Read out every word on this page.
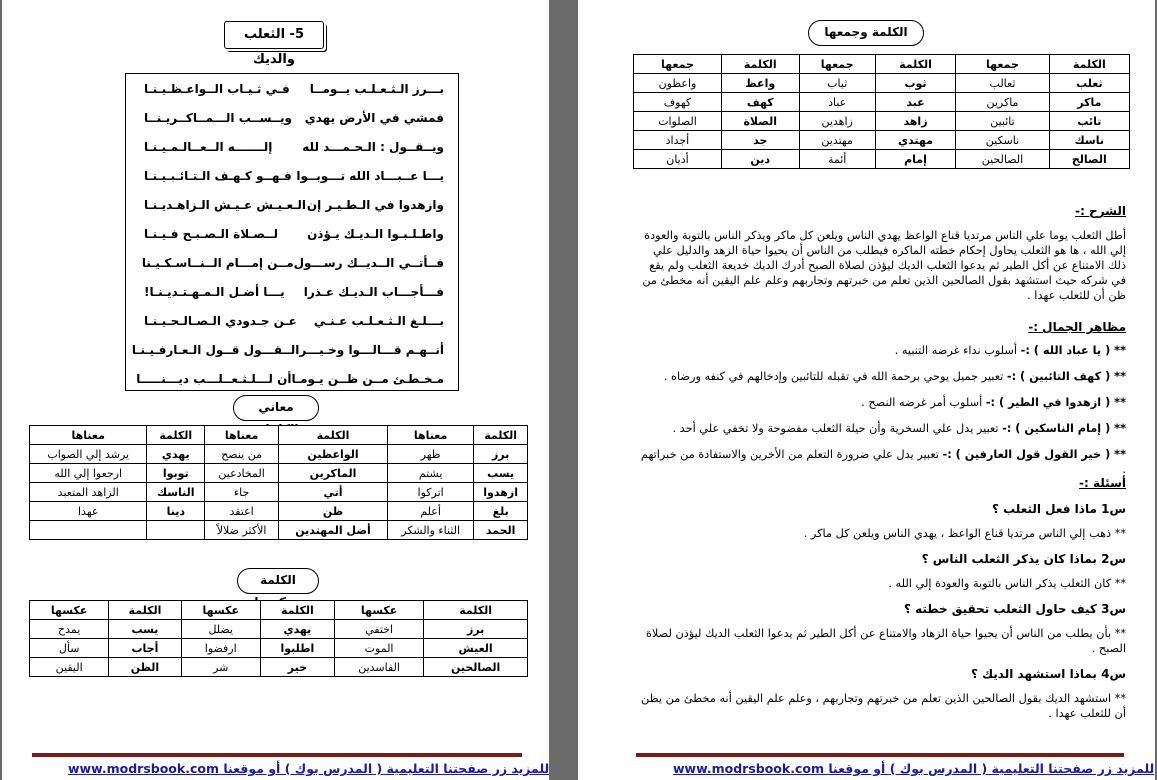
5- الثعلب والديك
بـــرز الـثـعـلـب يــومــا
فـي ثـيـاب الــواعـظـيـنـا
فمشي في الأرض يهدي
ويــســب الـــمــاكــريـنــا
ويــقــول : الـحـمـــد لله
إلـــــــه الــعــالـمـيـنـا
يـــا عــبـــاد الله تـــوبــوا
فـهــو كـهـف الـتـائـبـيـنـا
وازهدوا في الـطـيـر إن
الـعـيـش عـيـش الـزاهـديـنـا
واطـلـبـوا الـديـك يـؤذن
لــصـلاة الـصـبـح فـيـنـا
فــأتــي الــديــك رســـول
مــن إمـــام الــنــاسـكـيـنا
فـــأجـــاب الـديـك عـذرا
يـــا أضـل الـمـهـتـديـنـا!
بـــلـغ الـثـعـلـب عـنـي
عـن جـدودي الـصـالـحـيـنـا
أنــهـم قـــالـــوا وخـيـــر
الــقـــول قــول الـعـارفـيـنـا
مـخـطـئ مــن ظــن يـومـا
أن لـــلـثـعــلـــب ديـــنـــــا
معاني
الكلمة	معناها	الكلمة	معناها	الكلمة	معناها
برز	ظهر	الواعظين	من ينصح	يهدي	يرشد إلي الصواب
يسب	يشتم	الماكرين	المخادعين	توبوا	ارجعوا إلي الله
ازهدوا	اتركوا	أتي	جاء	الناسك	الزاهد المتعبد
بلغ	أعلم	ظن	اعتقد	دينا	عهدا
الحمد	الثناء والشكر	أضل المهتدين	الأكثر ضلالاً		
الكلمة
الكلمة	عكسها	الكلمة	عكسها	الكلمة	عكسها
برز	اختفي	يهدي	يضلل	يسب	يمدح
العيش	الموت	اطلبوا	ارفضوا	أجاب	سأل
الصالحين	الفاسدين	خير	شر	الظن	اليقين
للمزيد زر صفحتنا التعليمية ( المدرس بوك ) أو موقعنا www.modrsbook.com
الكلمة وجمعها
الكلمة	جمعها	الكلمة	جمعها	الكلمة	جمعها
ثعلب	ثعالب	ثوب	ثياب	واعظ	واعظون
ماكر	ماكرين	عبد	عباد	كهف	كهوف
تائب	تائبين	زاهد	زاهدين	الصلاة	الصلوات
ناسك	ناسكين	مهتدي	مهتدين	جد	أجداد
الصالح	الصالحين	إمام	أئمة	دين	أديان
الشرح :-
أطل الثعلب يوما علي الناس مرتديا قناع الواعظ يهدي الناس ويلعن كل ماكر ويذكر الناس بالتوبة والعودة إلي الله ، ها هو الثعلب يحاول إحكام خطته الماكره فيطلب من الناس أن يحيوا حياة الزهد والدليل علي ذلك الامتناع عن أكل الطير ثم يدعوا الثعلب الديك ليؤذن لصلاة الصبح أدرك الديك خديعة الثعلب ولم يقع في شركه حيث استشهد بقول الصالحين الذين تعلم من خبرتهم وتجاربهم وعلم علم اليقين أنه مخطئ من ظن أن للثعلب عهدا .
مظاهر الجمال :-
** ( يا عباد الله ) :- أسلوب نداء غرضه التنبيه .
** ( كهف التائبين ) :- تعبير جميل يوحي برحمة الله في تقبله للتائبين وإدخالهم في كنفه ورضاه .
** ( ازهدوا في الطير ) :- أسلوب أمر غرضه النصح .
** ( إمام الناسكين ) :- تعبير يدل علي السخرية وأن حيلة الثعلب مفضوحة ولا تخفي علي أحد .
** ( خير القول قول العارفين ) :- تعبير يدل علي ضرورة التعلم من الأخرين والاستفادة من خبراتهم .
أسئلة :-
س1 ماذا فعل الثعلب ؟
** ذهب إلي الناس مرتديا قناع الواعظ ، يهدي الناس ويلعن كل ماكر .
س2 بماذا كان يذكر الثعلب الناس ؟
** كان الثعلب يذكر الناس بالتوبة والعودة إلي الله .
س3 كيف حاول الثعلب تحقيق خطته ؟
** بأن يطلب من الناس أن يحيوا حياة الزهاد والامتناع عن أكل الطير ثم يدعوا الثعلب الديك ليؤذن لصلاة الصبح .
س4 بماذا استشهد الديك ؟
** استشهد الديك بقول الصالحين الذين تعلم من خبرتهم وتجاربهم ، وعلم علم اليقين أنه مخطئ من يظن أن للثعلب عهدا .
للمزيد زر صفحتنا التعليمية ( المدرس بوك ) أو موقعنا www.modrsbook.com
